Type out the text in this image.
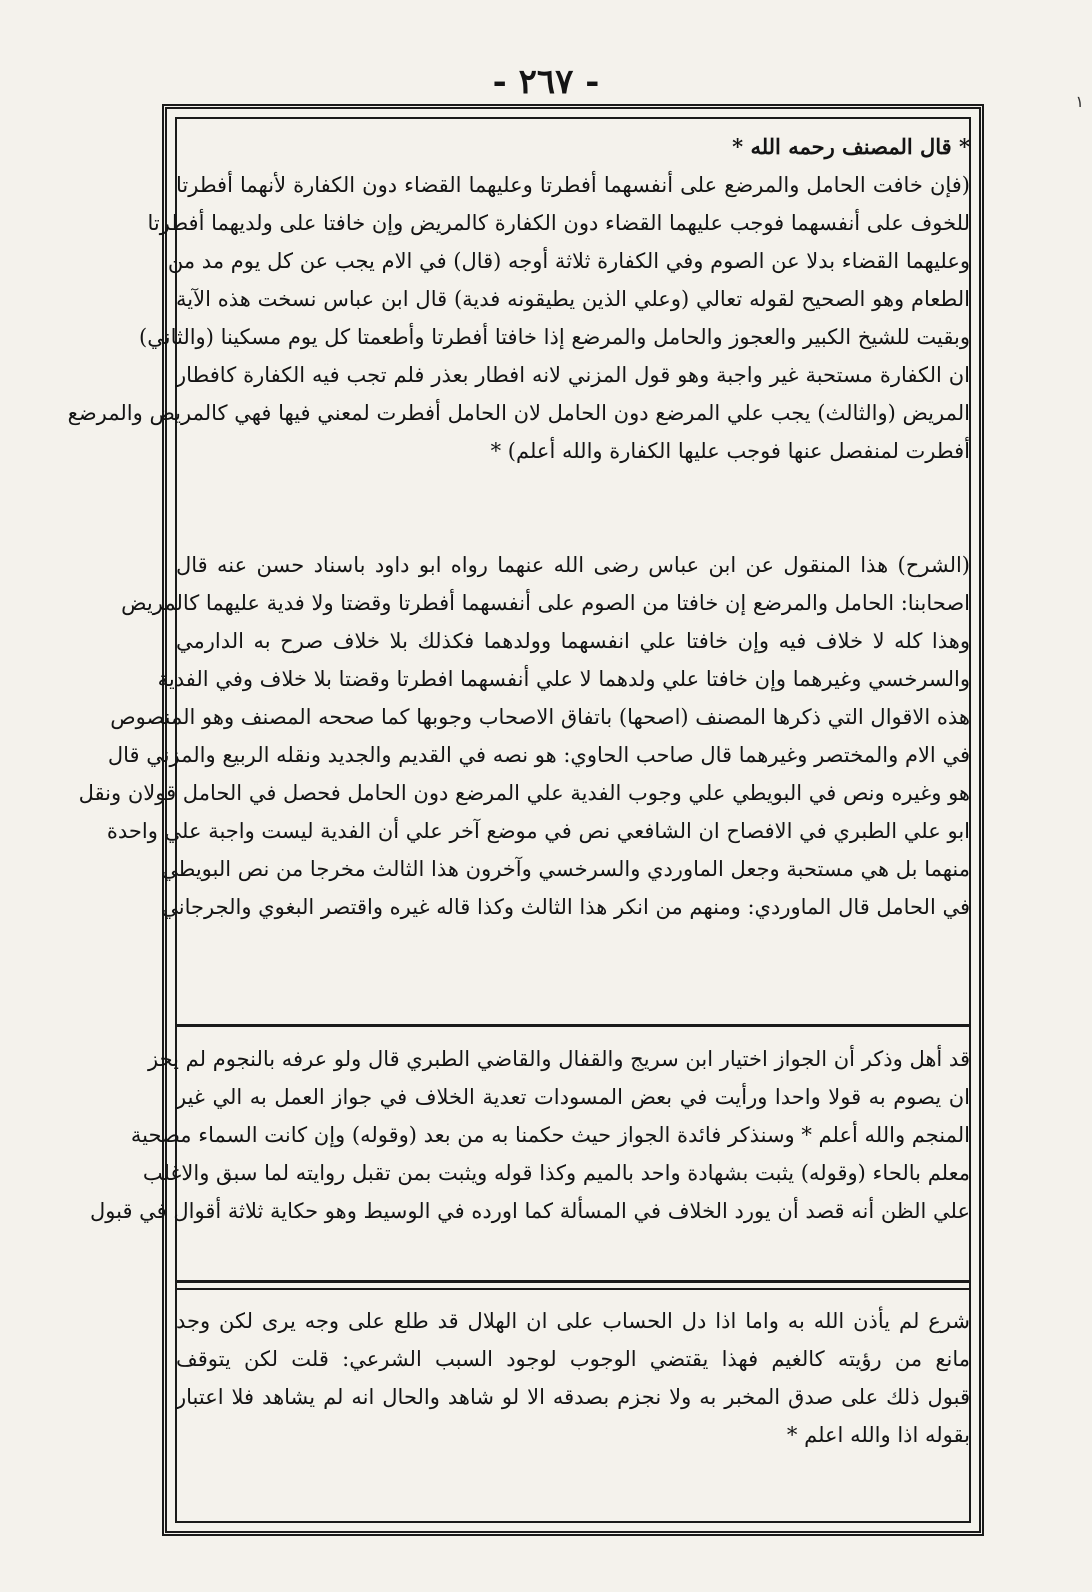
- ٢٦٧ -	١
* قال المصنف رحمه الله *
(فإن خافت الحامل والمرضع على أنفسهما أفطرتا وعليهما القضاء دون الكفارة لأنهما أفطرتا
للخوف على أنفسهما فوجب عليهما القضاء دون الكفارة كالمريض وإن خافتا على ولديهما أفطرتا
وعليهما القضاء بدلا عن الصوم وفي الكفارة ثلاثة أوجه (قال) في الام يجب عن كل يوم مد من
الطعام وهو الصحيح لقوله تعالي (وعلي الذين يطيقونه فدية) قال ابن عباس نسخت هذه الآية
وبقيت للشيخ الكبير والعجوز والحامل والمرضع إذا خافتا أفطرتا وأطعمتا كل يوم مسكينا (والثاني)
ان الكفارة مستحبة غير واجبة وهو قول المزني لانه افطار بعذر فلم تجب فيه الكفارة كافطار
المريض (والثالث) يجب علي المرضع دون الحامل لان الحامل أفطرت لمعني فيها فهي كالمريض والمرضع
أفطرت لمنفصل عنها فوجب عليها الكفارة والله أعلم) *
(الشرح) هذا المنقول عن ابن عباس رضى الله عنهما رواه ابو داود باسناد حسن عنه قال
اصحابنا: الحامل والمرضع إن خافتا من الصوم على أنفسهما أفطرتا وقضتا ولا فدية عليهما كالمريض
وهذا كله لا خلاف فيه وإن خافتا علي انفسهما وولدهما فكذلك بلا خلاف صرح به الدارمي
والسرخسي وغيرهما وإن خافتا علي ولدهما لا علي أنفسهما افطرتا وقضتا بلا خلاف وفي الفدية
هذه الاقوال التي ذكرها المصنف (اصحها) باتفاق الاصحاب وجوبها كما صححه المصنف وهو المنصوص
في الام والمختصر وغيرهما قال صاحب الحاوي: هو نصه في القديم والجديد ونقله الربيع والمزني قال
هو وغيره ونص في البويطي علي وجوب الفدية علي المرضع دون الحامل فحصل في الحامل قولان ونقل
ابو علي الطبري في الافصاح ان الشافعي نص في موضع آخر علي أن الفدية ليست واجبة علي واحدة
منهما بل هي مستحبة وجعل الماوردي والسرخسي وآخرون هذا الثالث مخرجا من نص البويطي
في الحامل قال الماوردي: ومنهم من انكر هذا الثالث وكذا قاله غيره واقتصر البغوي والجرجاني
قد أهل وذكر أن الجواز اختيار ابن سريج والقفال والقاضي الطبري قال ولو عرفه بالنجوم لم يجز
ان يصوم به قولا واحدا ورأيت في بعض المسودات تعدية الخلاف في جواز العمل به الي غير
المنجم والله أعلم * وسنذكر فائدة الجواز حيث حكمنا به من بعد (وقوله) وإن كانت السماء مصحية
معلم بالحاء (وقوله) يثبت بشهادة واحد بالميم وكذا قوله ويثبت بمن تقبل روايته لما سبق والاغلب
علي الظن أنه قصد أن يورد الخلاف في المسألة كما اورده في الوسيط وهو حكاية ثلاثة أقوال في قبول
شرع لم يأذن الله به واما اذا دل الحساب على ان الهلال قد طلع على وجه يرى لكن وجد
مانع من رؤيته كالغيم فهذا يقتضي الوجوب لوجود السبب الشرعي: قلت لكن يتوقف
قبول ذلك على صدق المخبر به ولا نجزم بصدقه الا لو شاهد والحال انه لم يشاهد فلا اعتبار
بقوله اذا والله اعلم *
